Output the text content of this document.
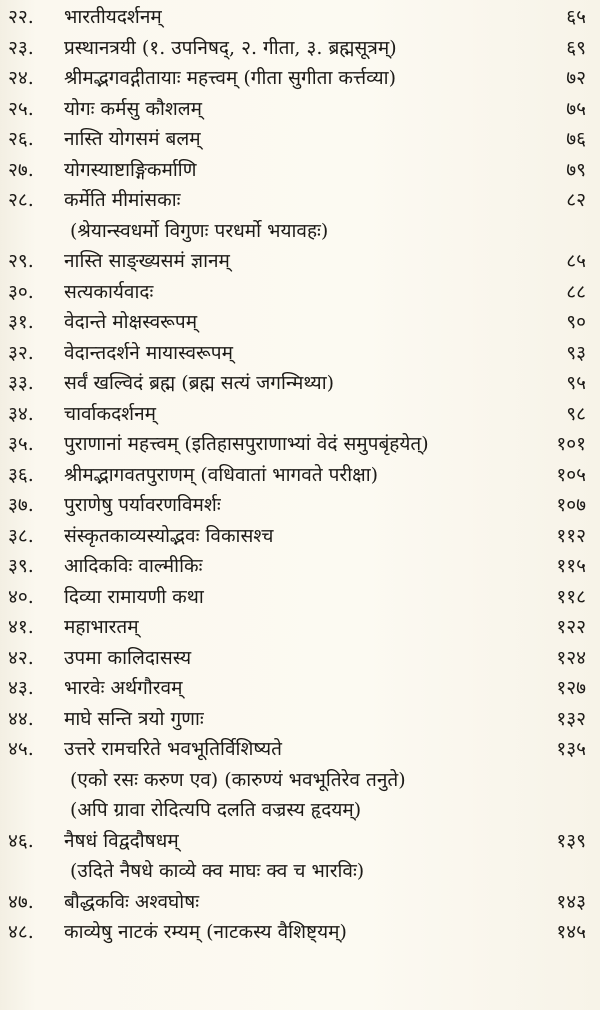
२२. भारतीयदर्शनम्	६५
२३. प्रस्थानत्रयी (१. उपनिषद्, २. गीता, ३. ब्रह्मसूत्रम्)	६९
२४. श्रीमद्भगवद्गीतायाः महत्त्वम् (गीता सुगीता कर्त्तव्या)	७२
२५. योगः कर्मसु कौशलम्	७५
२६. नास्ति योगसमं बलम्	७६
२७. योगस्याष्टाङ्गिकर्माणि	७९
२८. कर्मेति मीमांसकाः	८२
(श्रेयान्स्वधर्मो विगुणः परधर्मो भयावहः)
२९. नास्ति साङ्ख्यसमं ज्ञानम्	८५
३०. सत्यकार्यवादः	८८
३१. वेदान्ते मोक्षस्वरूपम्	९०
३२. वेदान्तदर्शने मायास्वरूपम्	९३
३३. सर्वं खल्विदं ब्रह्म (ब्रह्म सत्यं जगन्मिथ्या)	९५
३४. चार्वाकदर्शनम्	९८
३५. पुराणानां महत्त्वम् (इतिहासपुराणाभ्यां वेदं समुपबृंहयेत्)	१०१
३६. श्रीमद्भागवतपुराणम् (वधिवातां भागवते परीक्षा)	१०५
३७. पुराणेषु पर्यावरणविमर्शः	१०७
३८. संस्कृतकाव्यस्योद्भवः विकासश्च	११२
३९. आदिकविः वाल्मीकिः	११५
४०. दिव्या रामायणी कथा	११८
४१. महाभारतम्	१२२
४२. उपमा कालिदासस्य	१२४
४३. भारवेः अर्थगौरवम्	१२७
४४. माघे सन्ति त्रयो गुणाः	१३२
४५. उत्तरे रामचरिते भवभूतिर्विशिष्यते	१३५
(एको रसः करुण एव) (कारुण्यं भवभूतिरेव तनुते)
(अपि ग्रावा रोदित्यपि दलति वज्रस्य हृदयम्)
४६. नैषधं विद्वदौषधम्	१३९
(उदिते नैषधे काव्ये क्व माघः क्व च भारविः)
४७. बौद्धकविः अश्वघोषः	१४३
४८. काव्येषु नाटकं रम्यम् (नाटकस्य वैशिष्ट्यम्)	१४५
